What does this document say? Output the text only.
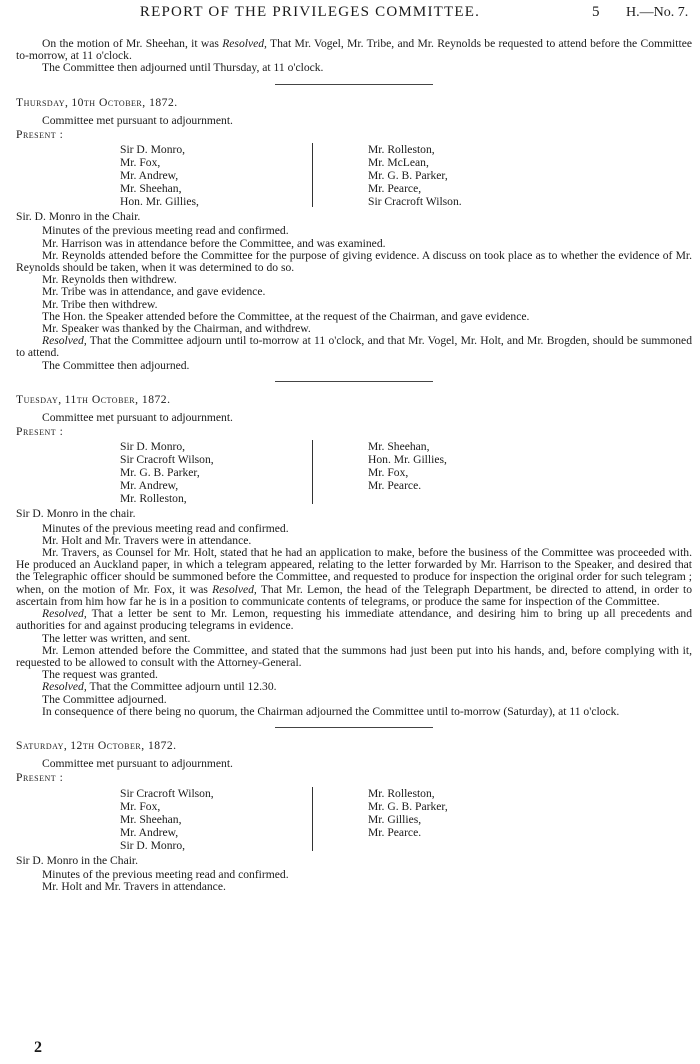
REPORT OF THE PRIVILEGES COMMITTEE.	5 H.—No. 7.

On the motion of Mr. Sheehan, it was Resolved, That Mr. Vogel, Mr. Tribe, and Mr. Reynolds be requested to attend before the Committee to-morrow, at 11 o'clock.

The Committee then adjourned until Thursday, at 11 o'clock.

Thursday, 10th October, 1872.

Committee met pursuant to adjournment.

Present :

Sir D. Monro,
Mr. Fox,
Mr. Andrew,
Mr. Sheehan,
Hon. Mr. Gillies,
Mr. Rolleston,
Mr. McLean,
Mr. G. B. Parker,
Mr. Pearce,
Sir Cracroft Wilson.

Sir. D. Monro in the Chair.

Minutes of the previous meeting read and confirmed.

Mr. Harrison was in attendance before the Committee, and was examined.

Mr. Reynolds attended before the Committee for the purpose of giving evidence. A discuss on took place as to whether the evidence of Mr. Reynolds should be taken, when it was determined to do so.

Mr. Reynolds then withdrew.

Mr. Tribe was in attendance, and gave evidence.

Mr. Tribe then withdrew.

The Hon. the Speaker attended before the Committee, at the request of the Chairman, and gave evidence.

Mr. Speaker was thanked by the Chairman, and withdrew.

Resolved, That the Committee adjourn until to-morrow at 11 o'clock, and that Mr. Vogel, Mr. Holt, and Mr. Brogden, should be summoned to attend.

The Committee then adjourned.

Tuesday, 11th October, 1872.

Committee met pursuant to adjournment.

Present :

Sir D. Monro,
Sir Cracroft Wilson,
Mr. G. B. Parker,
Mr. Andrew,
Mr. Rolleston,
Mr. Sheehan,
Hon. Mr. Gillies,
Mr. Fox,
Mr. Pearce.

Sir D. Monro in the chair.

Minutes of the previous meeting read and confirmed.

Mr. Holt and Mr. Travers were in attendance.

Mr. Travers, as Counsel for Mr. Holt, stated that he had an application to make, before the business of the Committee was proceeded with. He produced an Auckland paper, in which a telegram appeared, relating to the letter forwarded by Mr. Harrison to the Speaker, and desired that the Telegraphic officer should be summoned before the Committee, and requested to produce for inspection the original order for such telegram ; when, on the motion of Mr. Fox, it was Resolved, That Mr. Lemon, the head of the Telegraph Department, be directed to attend, in order to ascertain from him how far he is in a position to communicate contents of telegrams, or produce the same for inspection of the Committee.

Resolved, That a letter be sent to Mr. Lemon, requesting his immediate attendance, and desiring him to bring up all precedents and authorities for and against producing telegrams in evidence.

The letter was written, and sent.

Mr. Lemon attended before the Committee, and stated that the summons had just been put into his hands, and, before complying with it, requested to be allowed to consult with the Attorney-General.

The request was granted.

Resolved, That the Committee adjourn until 12.30.

The Committee adjourned.

In consequence of there being no quorum, the Chairman adjourned the Committee until to-morrow (Saturday), at 11 o'clock.

Saturday, 12th October, 1872.

Committee met pursuant to adjournment.

Present :

Sir Cracroft Wilson,
Mr. Fox,
Mr. Sheehan,
Mr. Andrew,
Sir D. Monro,
Mr. Rolleston,
Mr. G. B. Parker,
Mr. Gillies,
Mr. Pearce.

Sir D. Monro in the Chair.

Minutes of the previous meeting read and confirmed.

Mr. Holt and Mr. Travers in attendance.

2
